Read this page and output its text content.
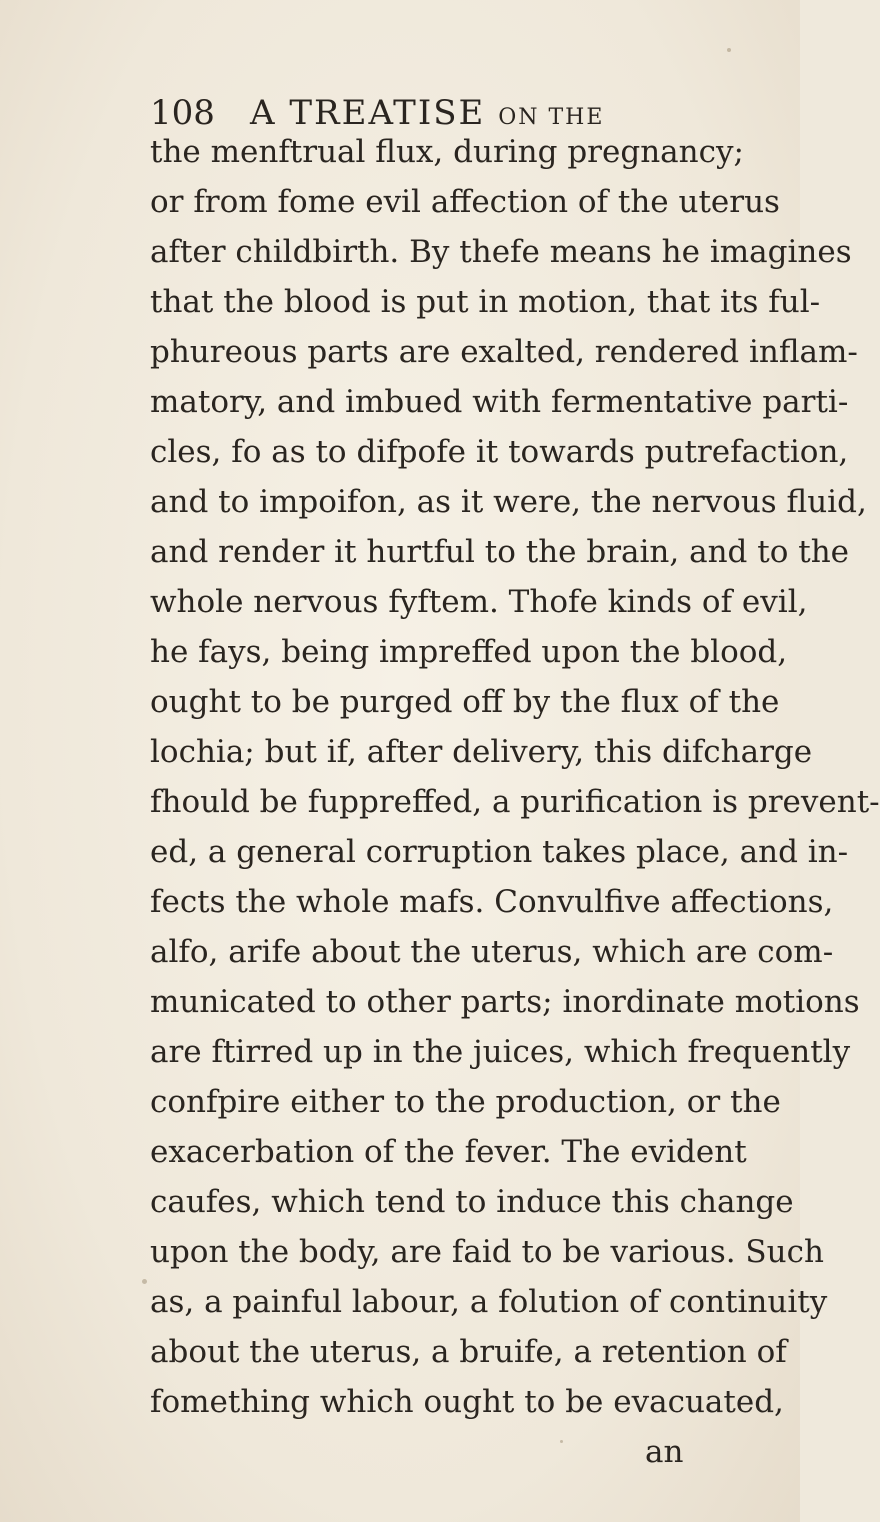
108 A TREATISE ON THE
the menftrual flux, during pregnancy;
or from fome evil affection of the uterus
after childbirth. By thefe means he imagines
that the blood is put in motion, that its ful-
phureous parts are exalted, rendered inflam-
matory, and imbued with fermentative parti-
cles, fo as to difpofe it towards putrefaction,
and to impoifon, as it were, the nervous fluid,
and render it hurtful to the brain, and to the
whole nervous fyftem. Thofe kinds of evil,
he fays, being impreffed upon the blood,
ought to be purged off by the flux of the
lochia; but if, after delivery, this difcharge
fhould be fuppreffed, a purification is prevent-
ed, a general corruption takes place, and in-
fects the whole mafs. Convulfive affections,
alfo, arife about the uterus, which are com-
municated to other parts; inordinate motions
are ftirred up in the juices, which frequently
confpire either to the production, or the
exacerbation of the fever. The evident
caufes, which tend to induce this change
upon the body, are faid to be various. Such
as, a painful labour, a folution of continuity
about the uterus, a bruife, a retention of
fomething which ought to be evacuated,
an
